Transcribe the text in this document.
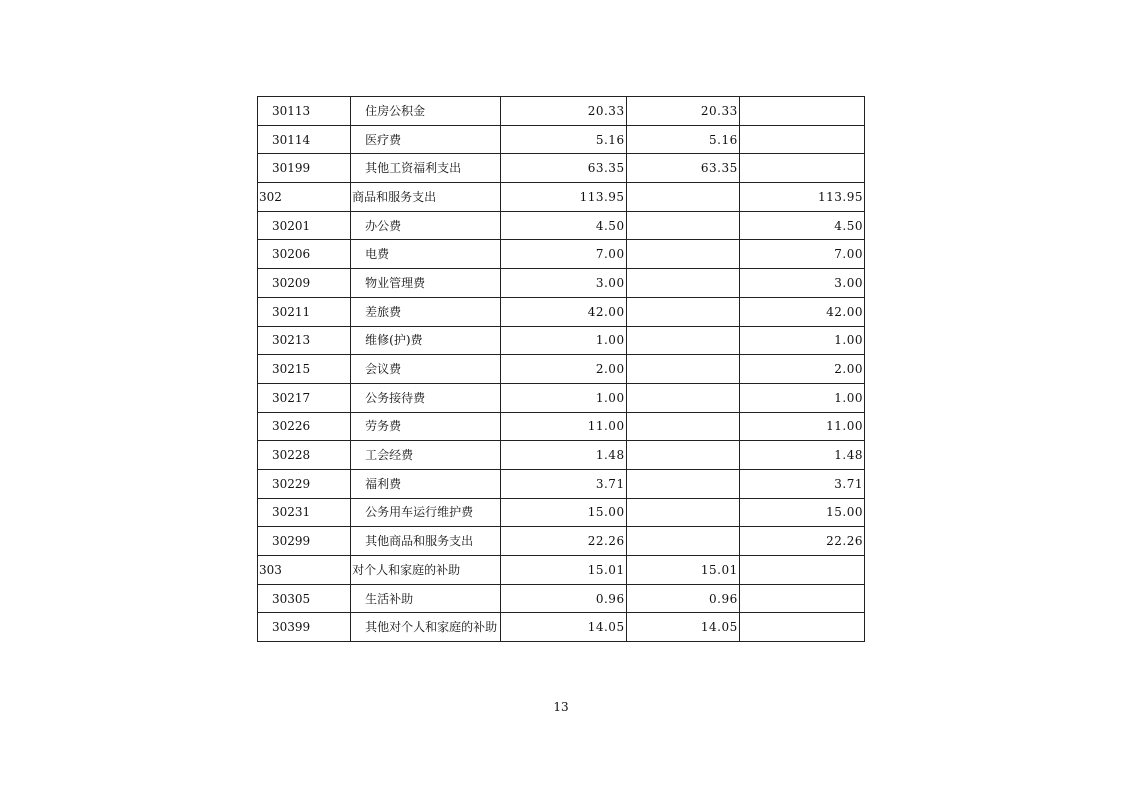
30113	住房公积金	20.33	20.33	
30114	医疗费	5.16	5.16	
30199	其他工资福利支出	63.35	63.35	
302	商品和服务支出	113.95		113.95
30201	办公费	4.50		4.50
30206	电费	7.00		7.00
30209	物业管理费	3.00		3.00
30211	差旅费	42.00		42.00
30213	维修(护)费	1.00		1.00
30215	会议费	2.00		2.00
30217	公务接待费	1.00		1.00
30226	劳务费	11.00		11.00
30228	工会经费	1.48		1.48
30229	福利费	3.71		3.71
30231	公务用车运行维护费	15.00		15.00
30299	其他商品和服务支出	22.26		22.26
303	对个人和家庭的补助	15.01	15.01	
30305	生活补助	0.96	0.96	
30399	其他对个人和家庭的补助	14.05	14.05	
13
